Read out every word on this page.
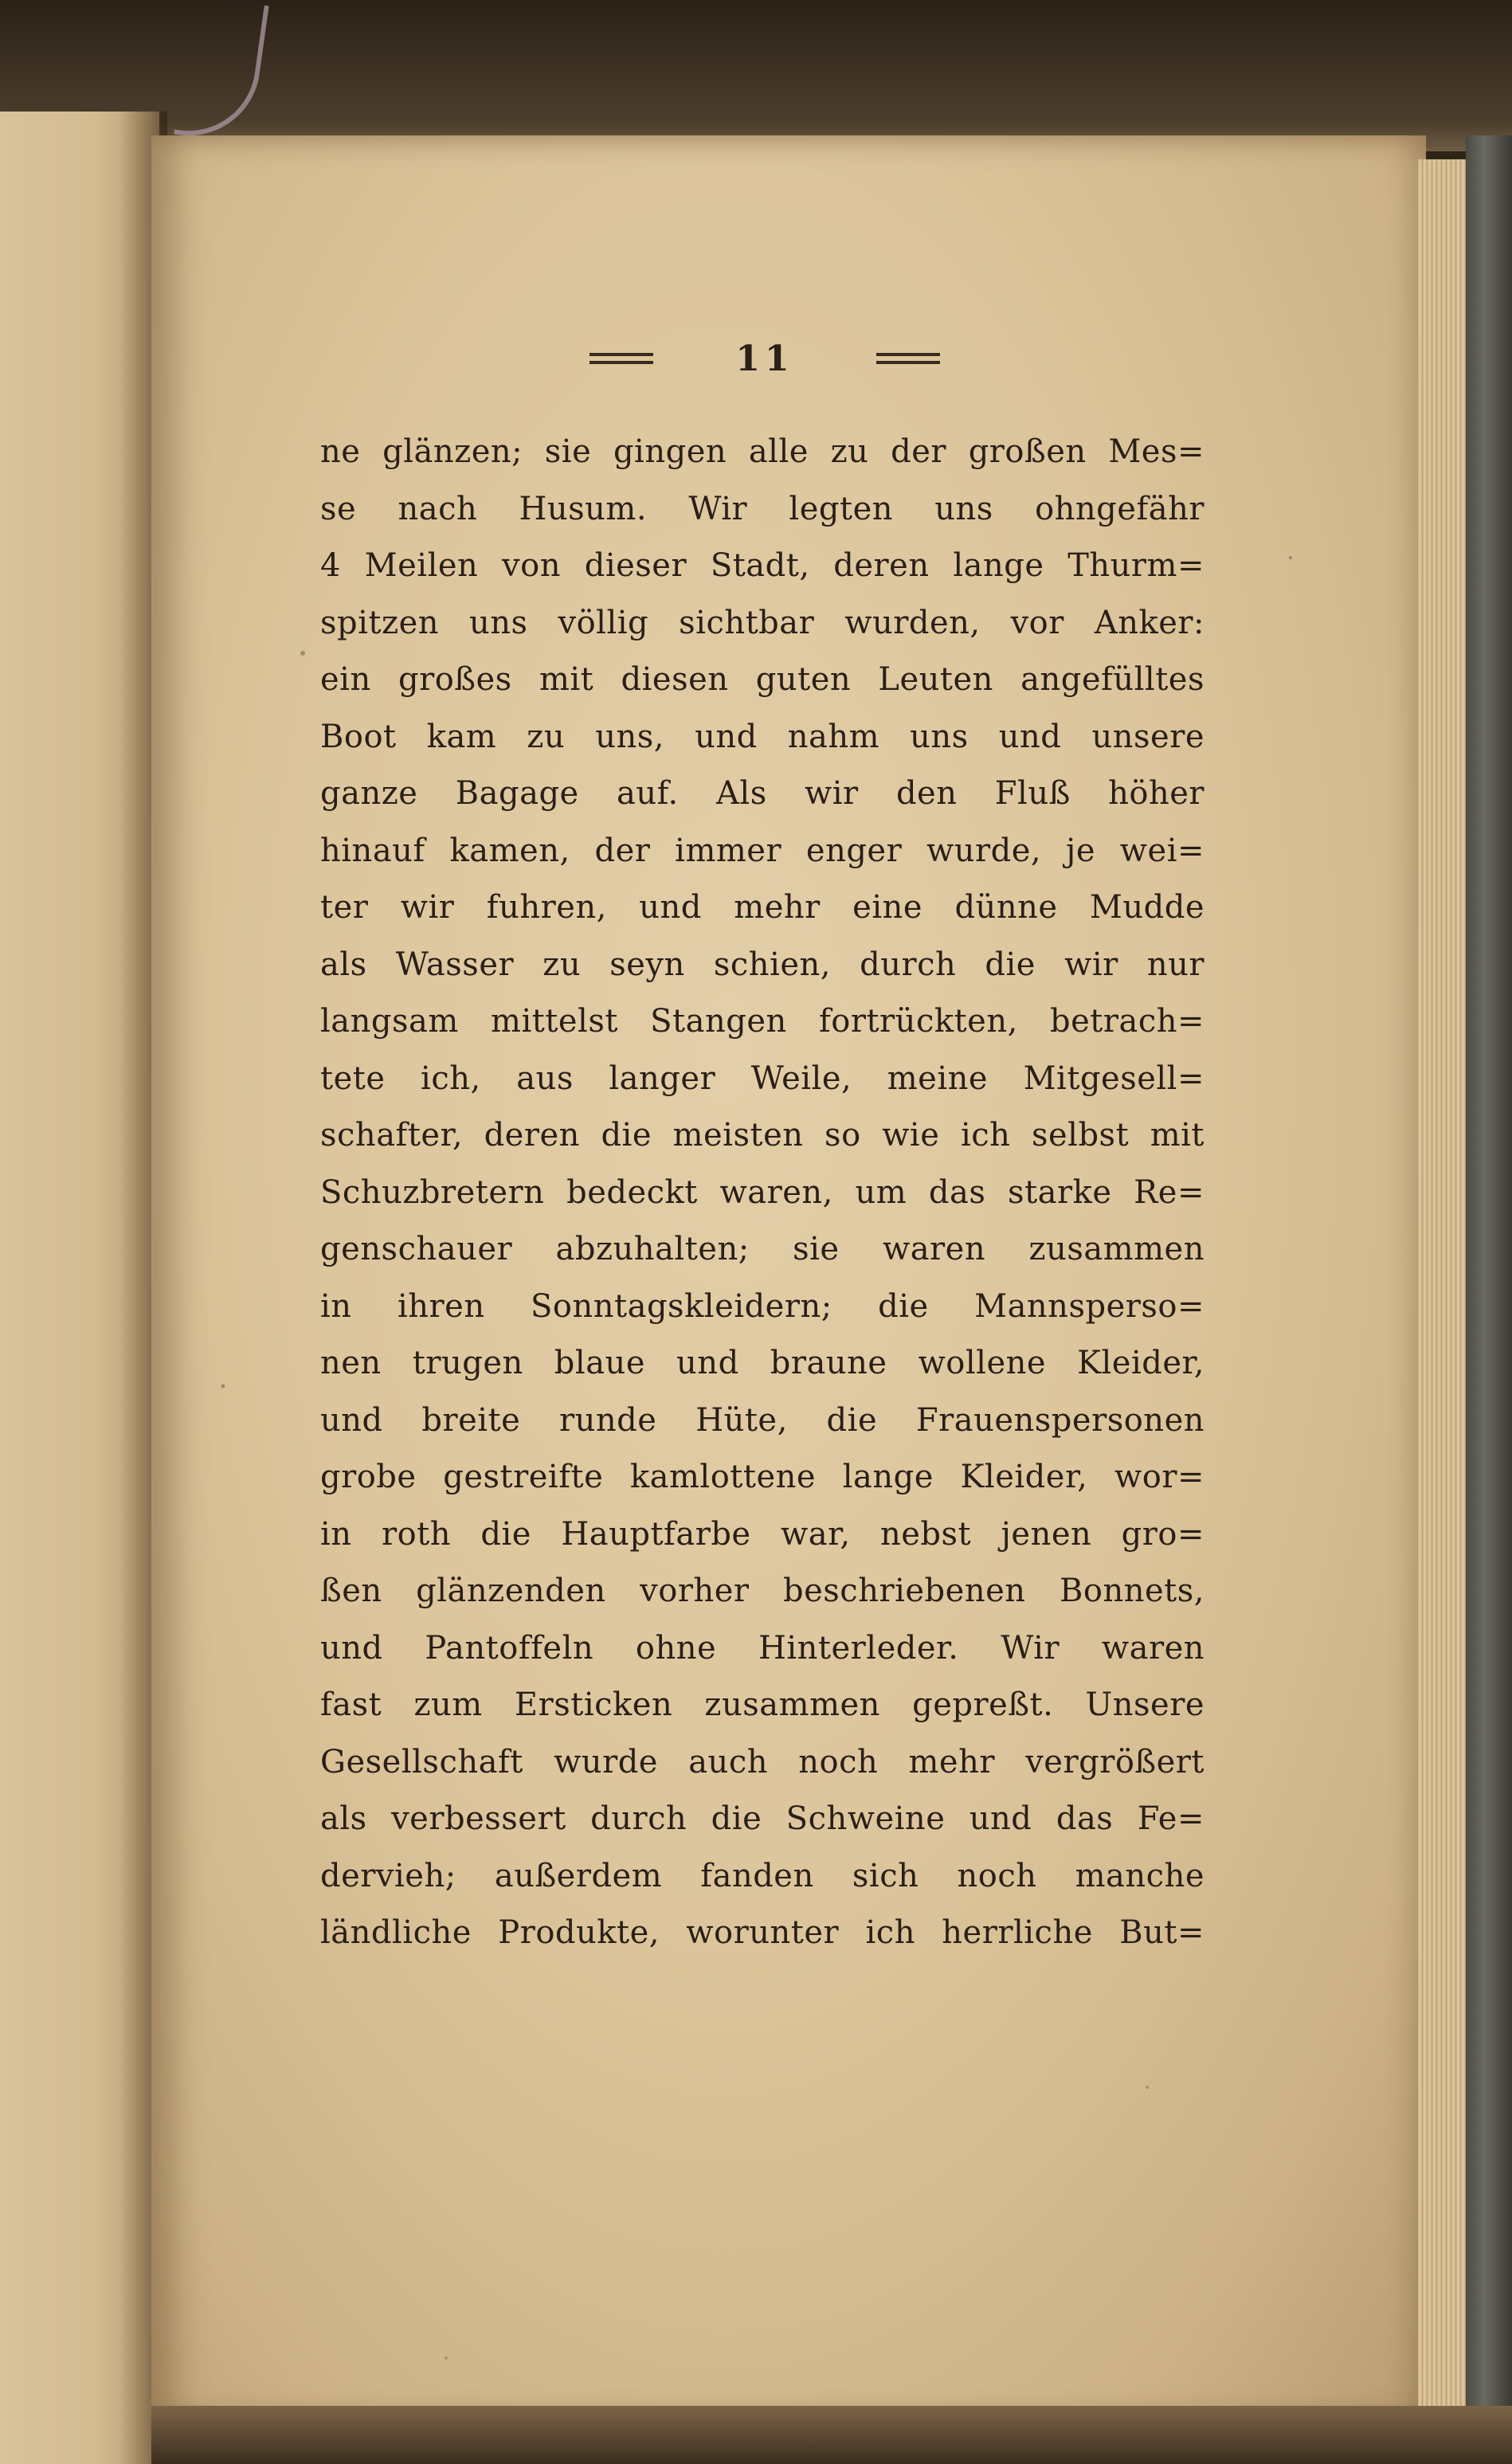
11
ne glänzen; sie gingen alle zu der großen Mes=
se nach Husum. Wir legten uns ohngefähr
4 Meilen von dieser Stadt, deren lange Thurm=
spitzen uns völlig sichtbar wurden, vor Anker:
ein großes mit diesen guten Leuten angefülltes
Boot kam zu uns, und nahm uns und unsere
ganze Bagage auf. Als wir den Fluß höher
hinauf kamen, der immer enger wurde, je wei=
ter wir fuhren, und mehr eine dünne Mudde
als Wasser zu seyn schien, durch die wir nur
langsam mittelst Stangen fortrückten, betrach=
tete ich, aus langer Weile, meine Mitgesell=
schafter, deren die meisten so wie ich selbst mit
Schuzbretern bedeckt waren, um das starke Re=
genschauer abzuhalten; sie waren zusammen
in ihren Sonntagskleidern; die Mannsperso=
nen trugen blaue und braune wollene Kleider,
und breite runde Hüte, die Frauenspersonen
grobe gestreifte kamlottene lange Kleider, wor=
in roth die Hauptfarbe war, nebst jenen gro=
ßen glänzenden vorher beschriebenen Bonnets,
und Pantoffeln ohne Hinterleder. Wir waren
fast zum Ersticken zusammen gepreßt. Unsere
Gesellschaft wurde auch noch mehr vergrößert
als verbessert durch die Schweine und das Fe=
dervieh; außerdem fanden sich noch manche
ländliche Produkte, worunter ich herrliche But=
